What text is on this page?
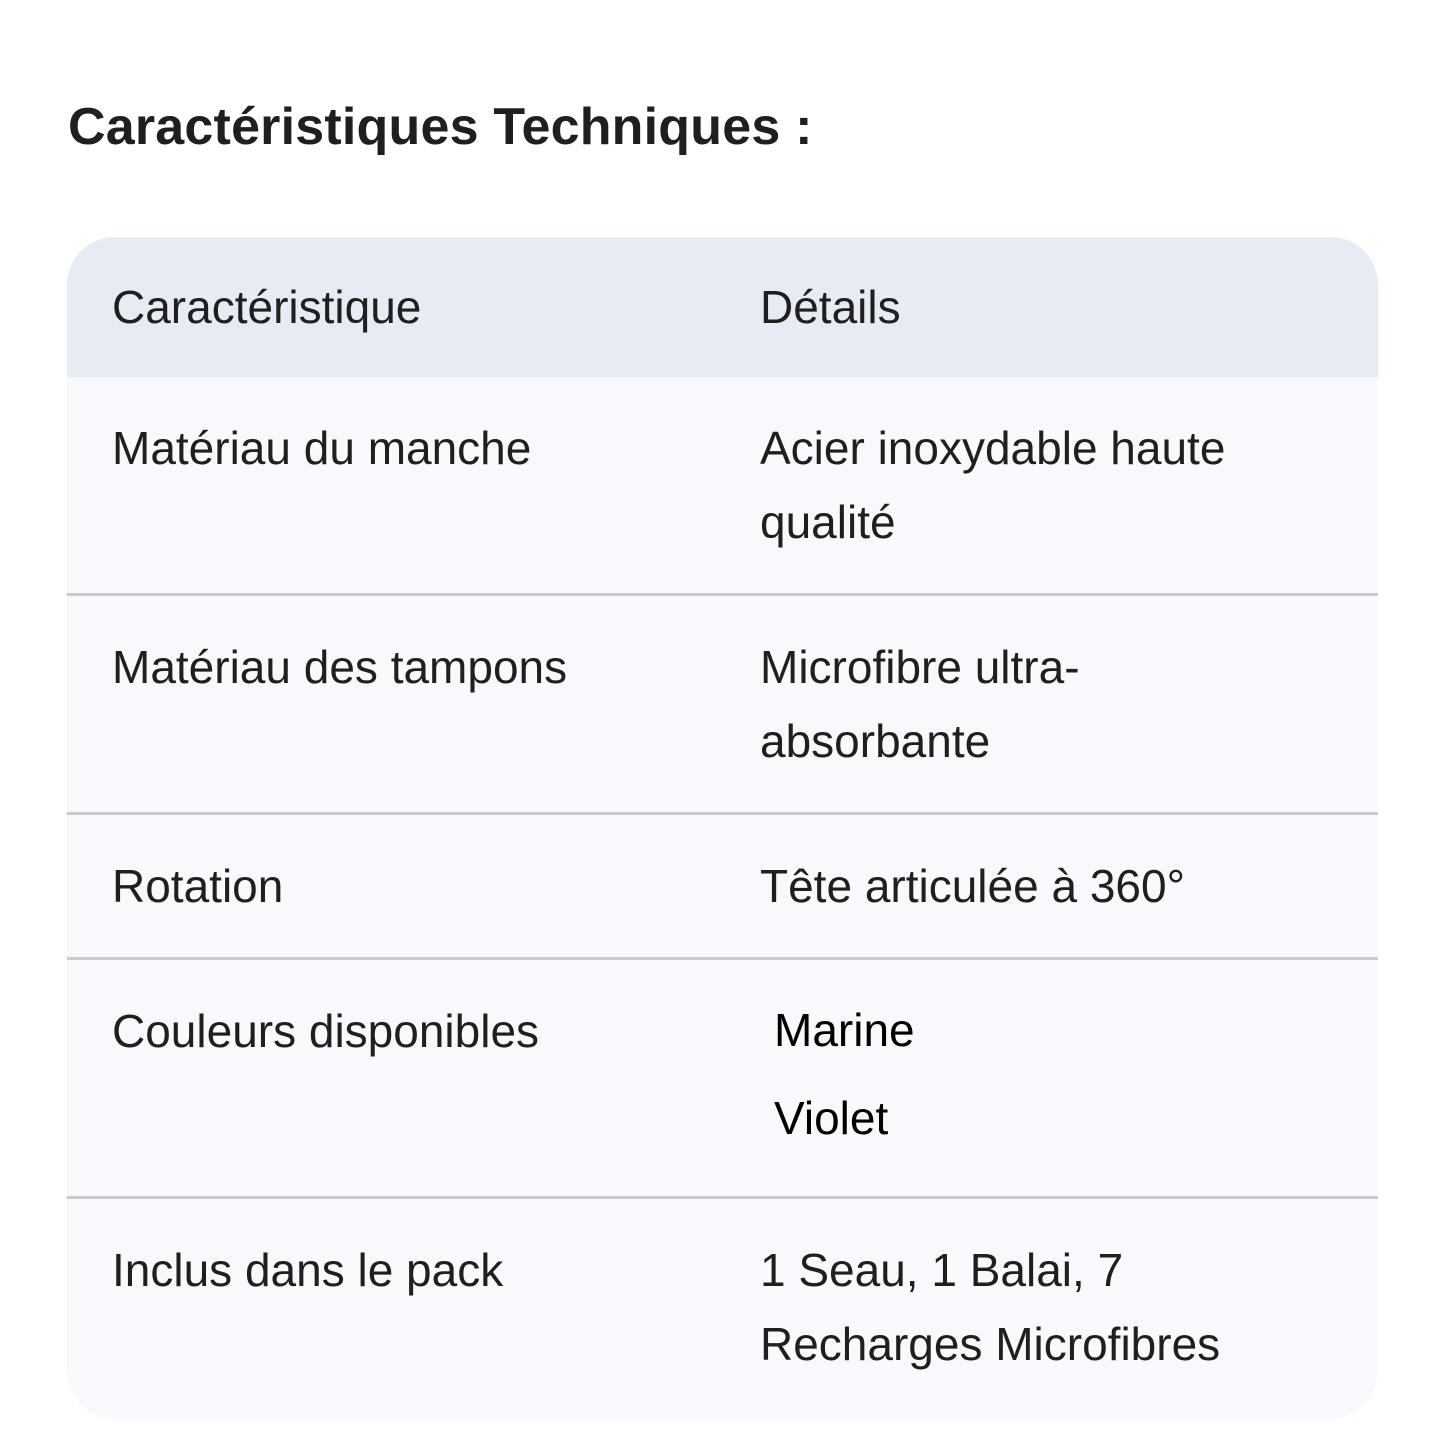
Caractéristiques Techniques :
Caractéristique	Détails
Matériau du manche	Acier inoxydable haute qualité
Matériau des tampons	Microfibre ultra-absorbante
Rotation	Tête articulée à 360°
Couleurs disponibles	Marine
Violet

Inclus dans le pack	1 Seau, 1 Balai, 7 Recharges Microfibres
